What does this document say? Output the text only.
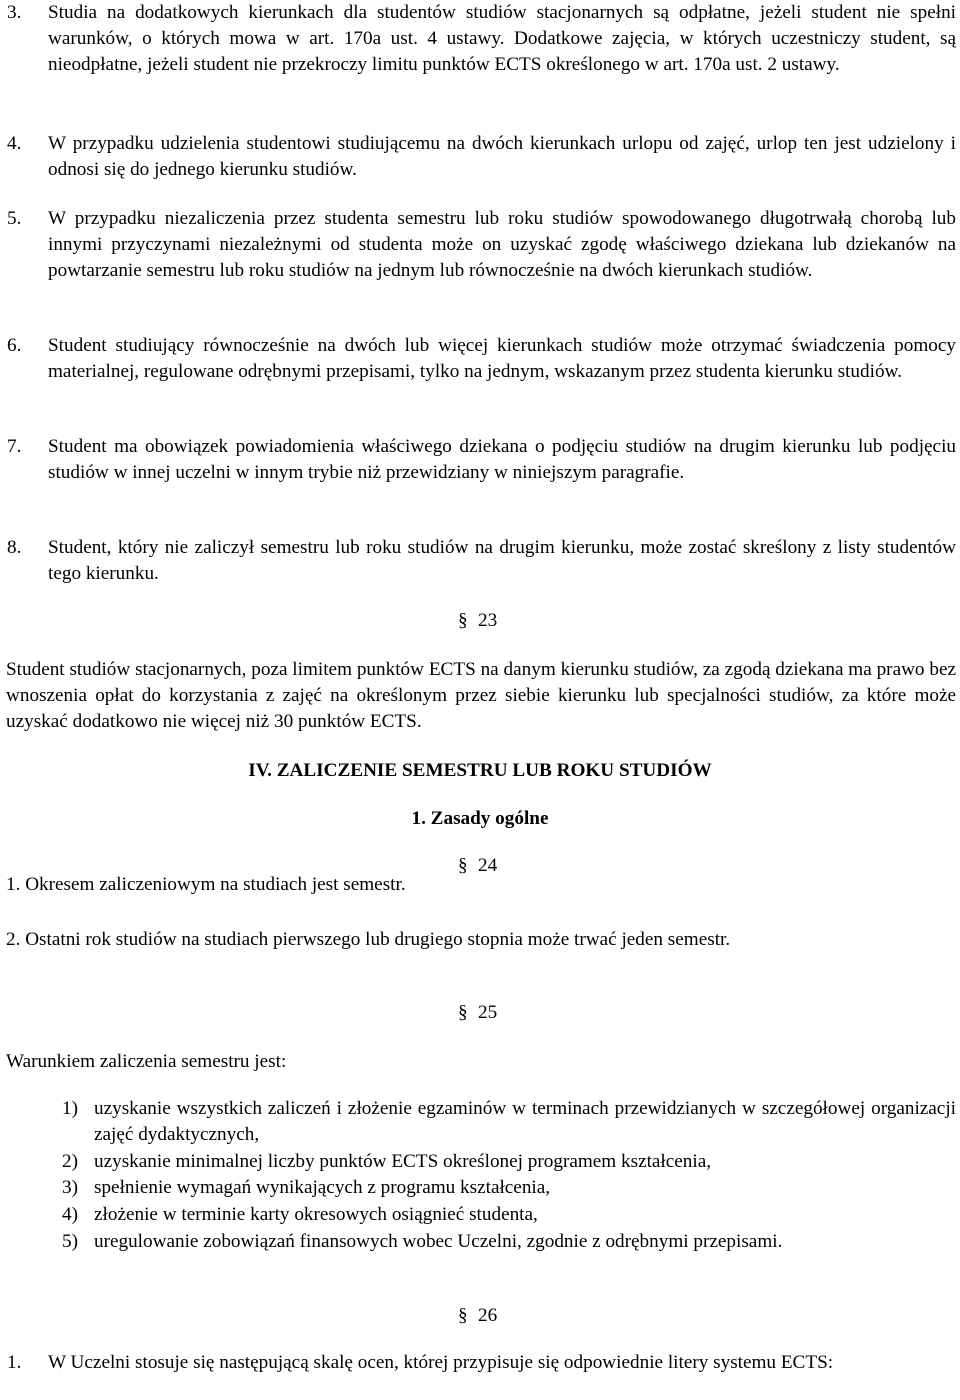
3. Studia na dodatkowych kierunkach dla studentów studiów stacjonarnych są odpłatne, jeżeli student nie spełni warunków, o których mowa w art. 170a ust. 4 ustawy. Dodatkowe zajęcia, w których uczestniczy student, są nieodpłatne, jeżeli student nie przekroczy limitu punktów ECTS określonego w art. 170a ust. 2 ustawy.
4. W przypadku udzielenia studentowi studiującemu na dwóch kierunkach urlopu od zajęć, urlop ten jest udzielony i odnosi się do jednego kierunku studiów.
5. W przypadku niezaliczenia przez studenta semestru lub roku studiów spowodowanego długotrwałą chorobą lub innymi przyczynami niezależnymi od studenta może on uzyskać zgodę właściwego dziekana lub dziekanów na powtarzanie semestru lub roku studiów na jednym lub równocześnie na dwóch kierunkach studiów.
6. Student studiujący równocześnie na dwóch lub więcej kierunkach studiów może otrzymać świadczenia pomocy materialnej, regulowane odrębnymi przepisami, tylko na jednym, wskazanym przez studenta kierunku studiów.
7. Student ma obowiązek powiadomienia właściwego dziekana o podjęciu studiów na drugim kierunku lub podjęciu studiów w innej uczelni w innym trybie niż przewidziany w niniejszym paragrafie.
8. Student, który nie zaliczył semestru lub roku studiów na drugim kierunku, może zostać skreślony z listy studentów tego kierunku.
§ 23
Student studiów stacjonarnych, poza limitem punktów ECTS na danym kierunku studiów, za zgodą dziekana ma prawo bez wnoszenia opłat do korzystania z zajęć na określonym przez siebie kierunku lub specjalności studiów, za które może uzyskać dodatkowo nie więcej niż 30 punktów ECTS.
IV. ZALICZENIE SEMESTRU LUB ROKU STUDIÓW
1. Zasady ogólne
§ 24
1. Okresem zaliczeniowym na studiach jest semestr.
2. Ostatni rok studiów na studiach pierwszego lub drugiego stopnia może trwać jeden semestr.
§ 25
Warunkiem zaliczenia semestru jest:
1) uzyskanie wszystkich zaliczeń i złożenie egzaminów w terminach przewidzianych w szczegółowej organizacji zajęć dydaktycznych,
2) uzyskanie minimalnej liczby punktów ECTS określonej programem kształcenia,
3) spełnienie wymagań wynikających z programu kształcenia,
4) złożenie w terminie karty okresowych osiągnieć studenta,
5) uregulowanie zobowiązań finansowych wobec Uczelni, zgodnie z odrębnymi przepisami.
§ 26
1. W Uczelni stosuje się następującą skalę ocen, której przypisuje się odpowiednie litery systemu ECTS:
